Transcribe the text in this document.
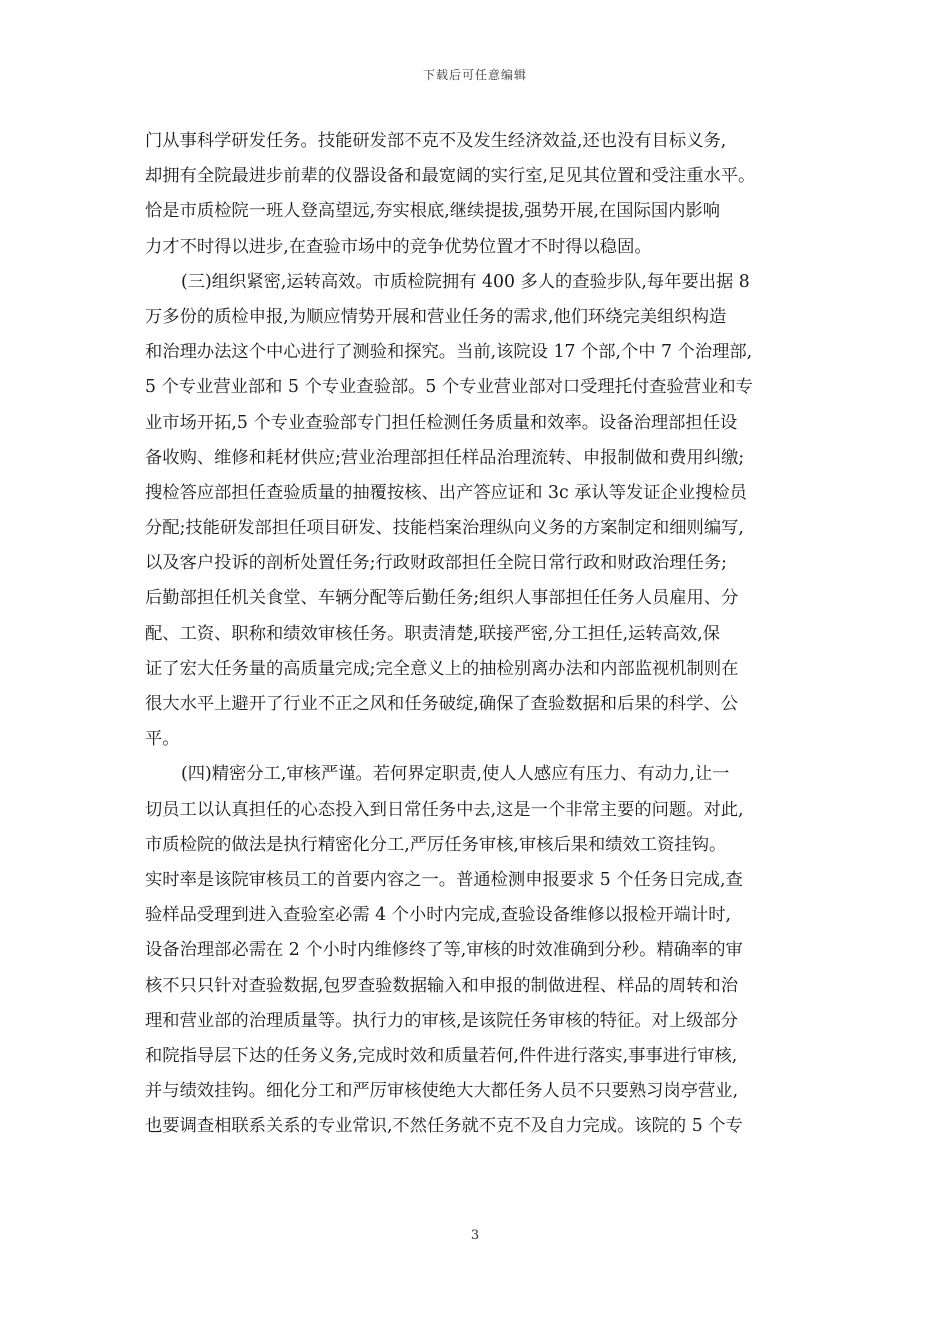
下载后可任意编辑
门从事科学研发任务。技能研发部不克不及发生经济效益,还也没有目标义务,
却拥有全院最进步前辈的仪器设备和最宽阔的实行室,足见其位置和受注重水平。
恰是市质检院一班人登高望远,夯实根底,继续提拔,强势开展,在国际国内影响
力才不时得以进步,在查验市场中的竞争优势位置才不时得以稳固。
(三)组织紧密,运转高效。市质检院拥有 400 多人的查验步队,每年要出据 8
万多份的质检申报,为顺应情势开展和营业任务的需求,他们环绕完美组织构造
和治理办法这个中心进行了测验和探究。当前,该院设 17 个部,个中 7 个治理部,
5 个专业营业部和 5 个专业查验部。5 个专业营业部对口受理托付查验营业和专
业市场开拓,5 个专业查验部专门担任检测任务质量和效率。设备治理部担任设
备收购、维修和耗材供应;营业治理部担任样品治理流转、申报制做和费用纠缴;
搜检答应部担任查验质量的抽覆按核、出产答应证和 3c 承认等发证企业搜检员
分配;技能研发部担任项目研发、技能档案治理纵向义务的方案制定和细则编写,
以及客户投诉的剖析处置任务;行政财政部担任全院日常行政和财政治理任务;
后勤部担任机关食堂、车辆分配等后勤任务;组织人事部担任任务人员雇用、分
配、工资、职称和绩效审核任务。职责清楚,联接严密,分工担任,运转高效,保
证了宏大任务量的高质量完成;完全意义上的抽检别离办法和内部监视机制则在
很大水平上避开了行业不正之风和任务破绽,确保了查验数据和后果的科学、公
平。
(四)精密分工,审核严谨。若何界定职责,使人人感应有压力、有动力,让一
切员工以认真担任的心态投入到日常任务中去,这是一个非常主要的问题。对此,
市质检院的做法是执行精密化分工,严厉任务审核,审核后果和绩效工资挂钩。
实时率是该院审核员工的首要内容之一。普通检测申报要求 5 个任务日完成,查
验样品受理到进入查验室必需 4 个小时内完成,查验设备维修以报检开端计时,
设备治理部必需在 2 个小时内维修终了等,审核的时效准确到分秒。精确率的审
核不只只针对查验数据,包罗查验数据输入和申报的制做进程、样品的周转和治
理和营业部的治理质量等。执行力的审核,是该院任务审核的特征。对上级部分
和院指导层下达的任务义务,完成时效和质量若何,件件进行落实,事事进行审核,
并与绩效挂钩。细化分工和严厉审核使绝大大都任务人员不只要熟习岗亭营业,
也要调查相联系关系的专业常识,不然任务就不克不及自力完成。该院的 5 个专
3
